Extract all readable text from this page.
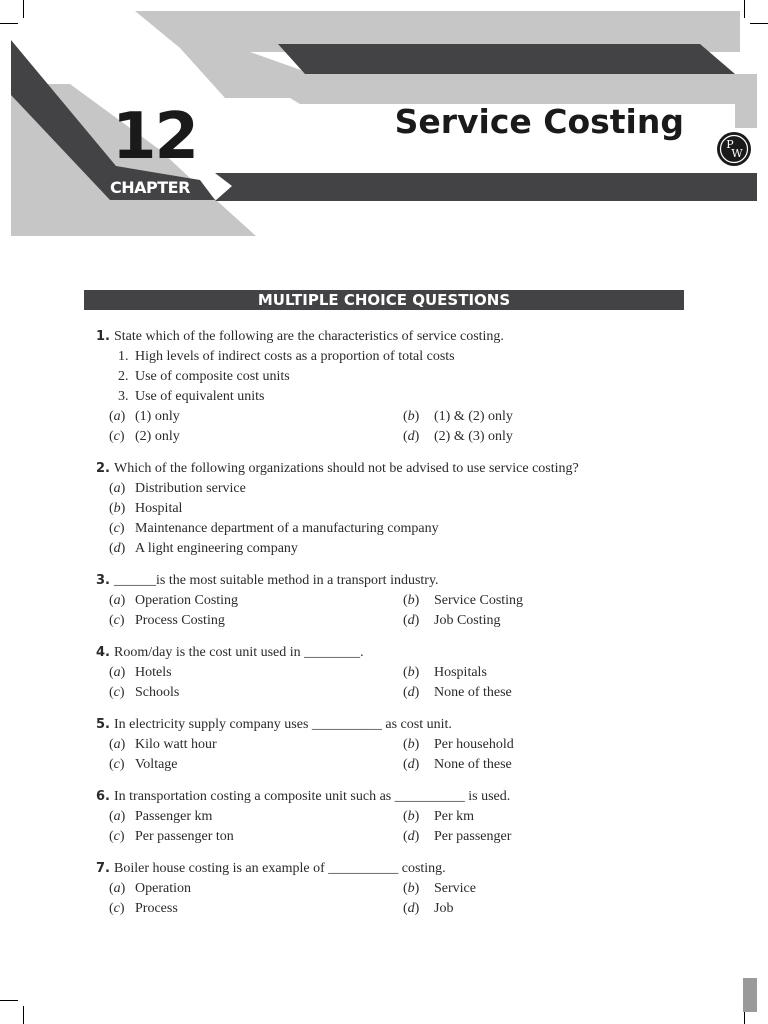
12
CHAPTER
Service Costing
P
W
MULTIPLE CHOICE QUESTIONS
1. State which of the following are the characteristics of service costing.
1. High levels of indirect costs as a proportion of total costs
2. Use of composite cost units
3. Use of equivalent units
(a) (1) only	(b) (1) & (2) only
(c) (2) only	(d) (2) & (3) only
2. Which of the following organizations should not be advised to use service costing?
(a) Distribution service
(b) Hospital
(c) Maintenance department of a manufacturing company
(d) A light engineering company
3. ______is the most suitable method in a transport industry.
(a) Operation Costing	(b) Service Costing
(c) Process Costing	(d) Job Costing
4. Room/day is the cost unit used in ________.
(a) Hotels	(b) Hospitals
(c) Schools	(d) None of these
5. In electricity supply company uses __________ as cost unit.
(a) Kilo watt hour	(b) Per household
(c) Voltage	(d) None of these
6. In transportation costing a composite unit such as __________ is used.
(a) Passenger km	(b) Per km
(c) Per passenger ton	(d) Per passenger
7. Boiler house costing is an example of __________ costing.
(a) Operation	(b) Service
(c) Process	(d) Job
